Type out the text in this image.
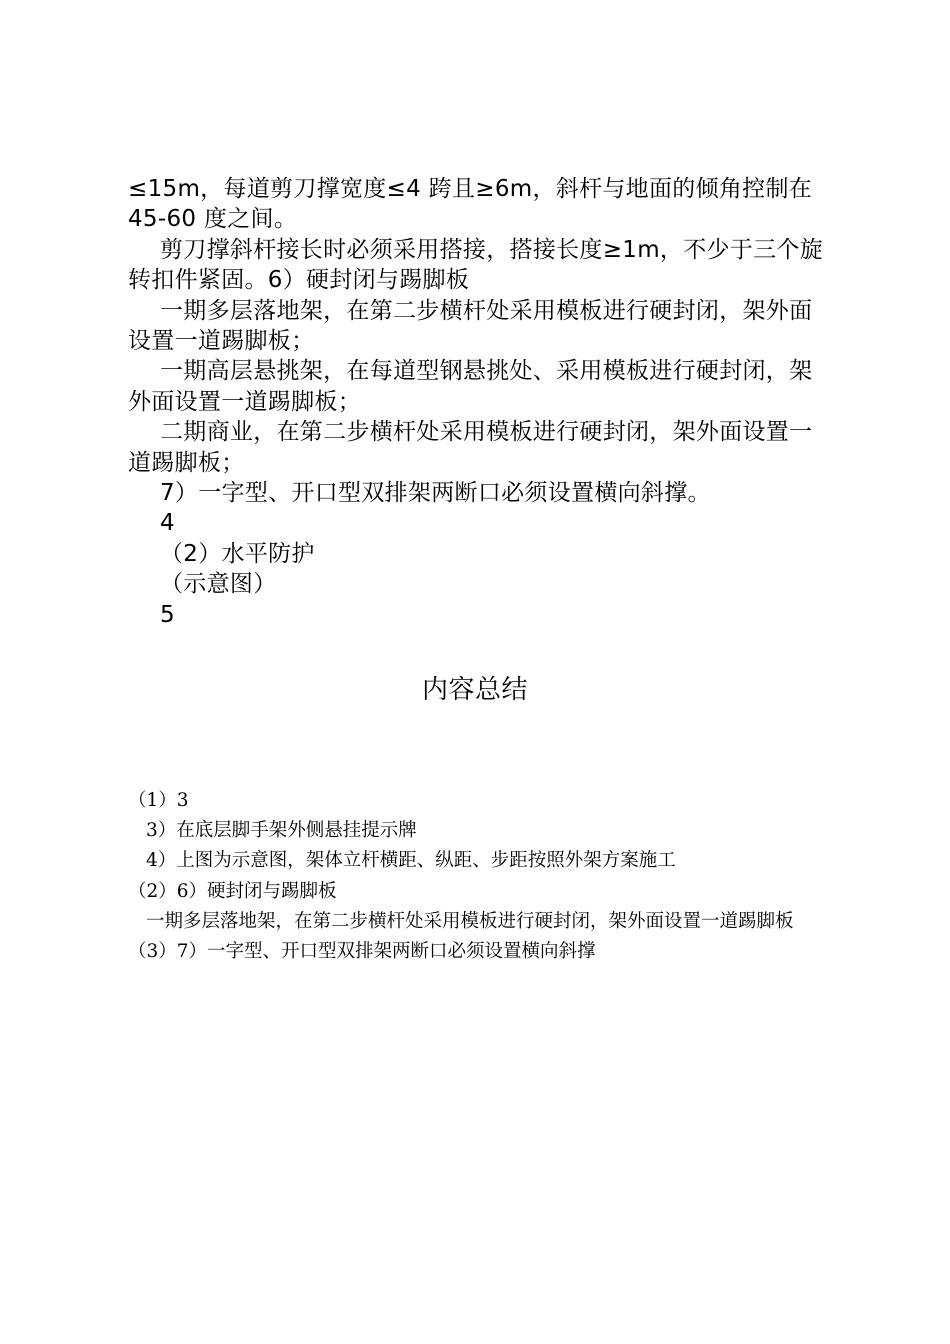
≤15m，每道剪刀撑宽度≤4 跨且≥6m，斜杆与地面的倾角控制在 45-60 度之间。

剪刀撑斜杆接长时必须采用搭接，搭接长度≥1m，不少于三个旋转扣件紧固。6）硬封闭与踢脚板

一期多层落地架，在第二步横杆处采用模板进行硬封闭，架外面设置一道踢脚板；

一期高层悬挑架，在每道型钢悬挑处、采用模板进行硬封闭，架外面设置一道踢脚板；

二期商业，在第二步横杆处采用模板进行硬封闭，架外面设置一道踢脚板；

7）一字型、开口型双排架两断口必须设置横向斜撑。

4

（2）水平防护

（示意图）

5

内容总结

（1）3

3）在底层脚手架外侧悬挂提示牌

4）上图为示意图，架体立杆横距、纵距、步距按照外架方案施工

（2）6）硬封闭与踢脚板

一期多层落地架，在第二步横杆处采用模板进行硬封闭，架外面设置一道踢脚板

（3）7）一字型、开口型双排架两断口必须设置横向斜撑
